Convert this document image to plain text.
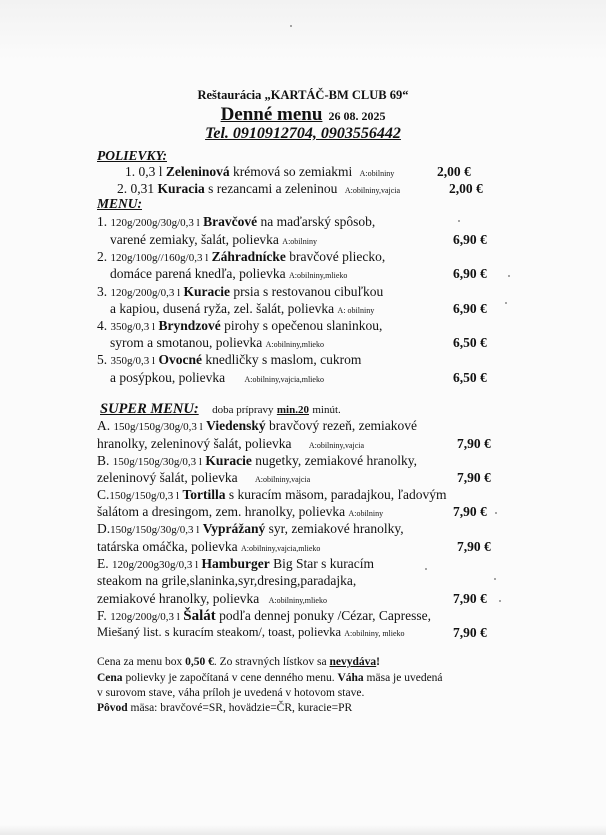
Reštaurácia „KARTÁČ-BM CLUB 69“
Denné menu 26 08. 2025
Tel. 0910912704, 0903556442
POLIEVKY:
1. 0,3 l Zeleninová krémová so zemiakmi A:obilniny	2,00 €
2. 0,31 Kuracia s rezancami a zeleninou A:obilniny,vajcia	2,00 €
MENU:
1. 120g/200g/30g/0,3 l Bravčové na maďarský spôsob,
varené zemiaky, šalát, polievka A:obilniny	6,90 €
2. 120g/100g//160g/0,3 l Záhradnícke bravčové pliecko,
domáce parená knedľa, polievka A:obilniny,mlieko	6,90 €
3. 120g/200g/0,3 l Kuracie prsia s restovanou cibuľkou
a kapiou, dusená ryža, zel. šalát, polievka A: obilniny	6,90 €
4. 350g/0,3 l Bryndzové pirohy s opečenou slaninkou,
syrom a smotanou, polievka A:obilniny,mlieko	6,50 €
5. 350g/0,3 l Ovocné knedličky s maslom, cukrom
a posýpkou, polievka A:obilniny,vajcia,mlieko	6,50 €
SUPER MENU: doba prípravy min.20 minút.
A. 150g/150g/30g/0,3 l Viedenský bravčový rezeň, zemiakové
hranolky, zeleninový šalát, polievka A:obilniny,vajcia	7,90 €
B. 150g/150g/30g/0,3 l Kuracie nugetky, zemiakové hranolky,
zeleninový šalát, polievka A:obilniny,vajcia	7,90 €
C.150g/150g/0,3 l Tortilla s kuracím mäsom, paradajkou, ľadovým
šalátom a dresingom, zem. hranolky, polievka A:obilniny	7,90 €
D.150g/150g/30g/0,3 l Vyprážaný syr, zemiakové hranolky,
tatárska omáčka, polievka A:obilniny,vajcia,mlieko	7,90 €
E. 120g/200g30g/0,3 l Hamburger Big Star s kuracím
steakom na grile,slaninka,syr,dresing,paradajka,
zemiakové hranolky, polievka A:obilniny,mlieko	7,90 €
F. 120g/200g/0,3 l Šalát podľa dennej ponuky /Cézar, Capresse,
Miešaný list. s kuracím steakom/, toast, polievka A:obilniny, mlieko	7,90 €
Cena za menu box 0,50 €. Zo stravných lístkov sa nevydáva!
Cena polievky je započítaná v cene denného menu. Váha mäsa je uvedená
v surovom stave, váha príloh je uvedená v hotovom stave.
Pôvod mäsa: bravčové=SR, hovädzie=ČR, kuracie=PR
